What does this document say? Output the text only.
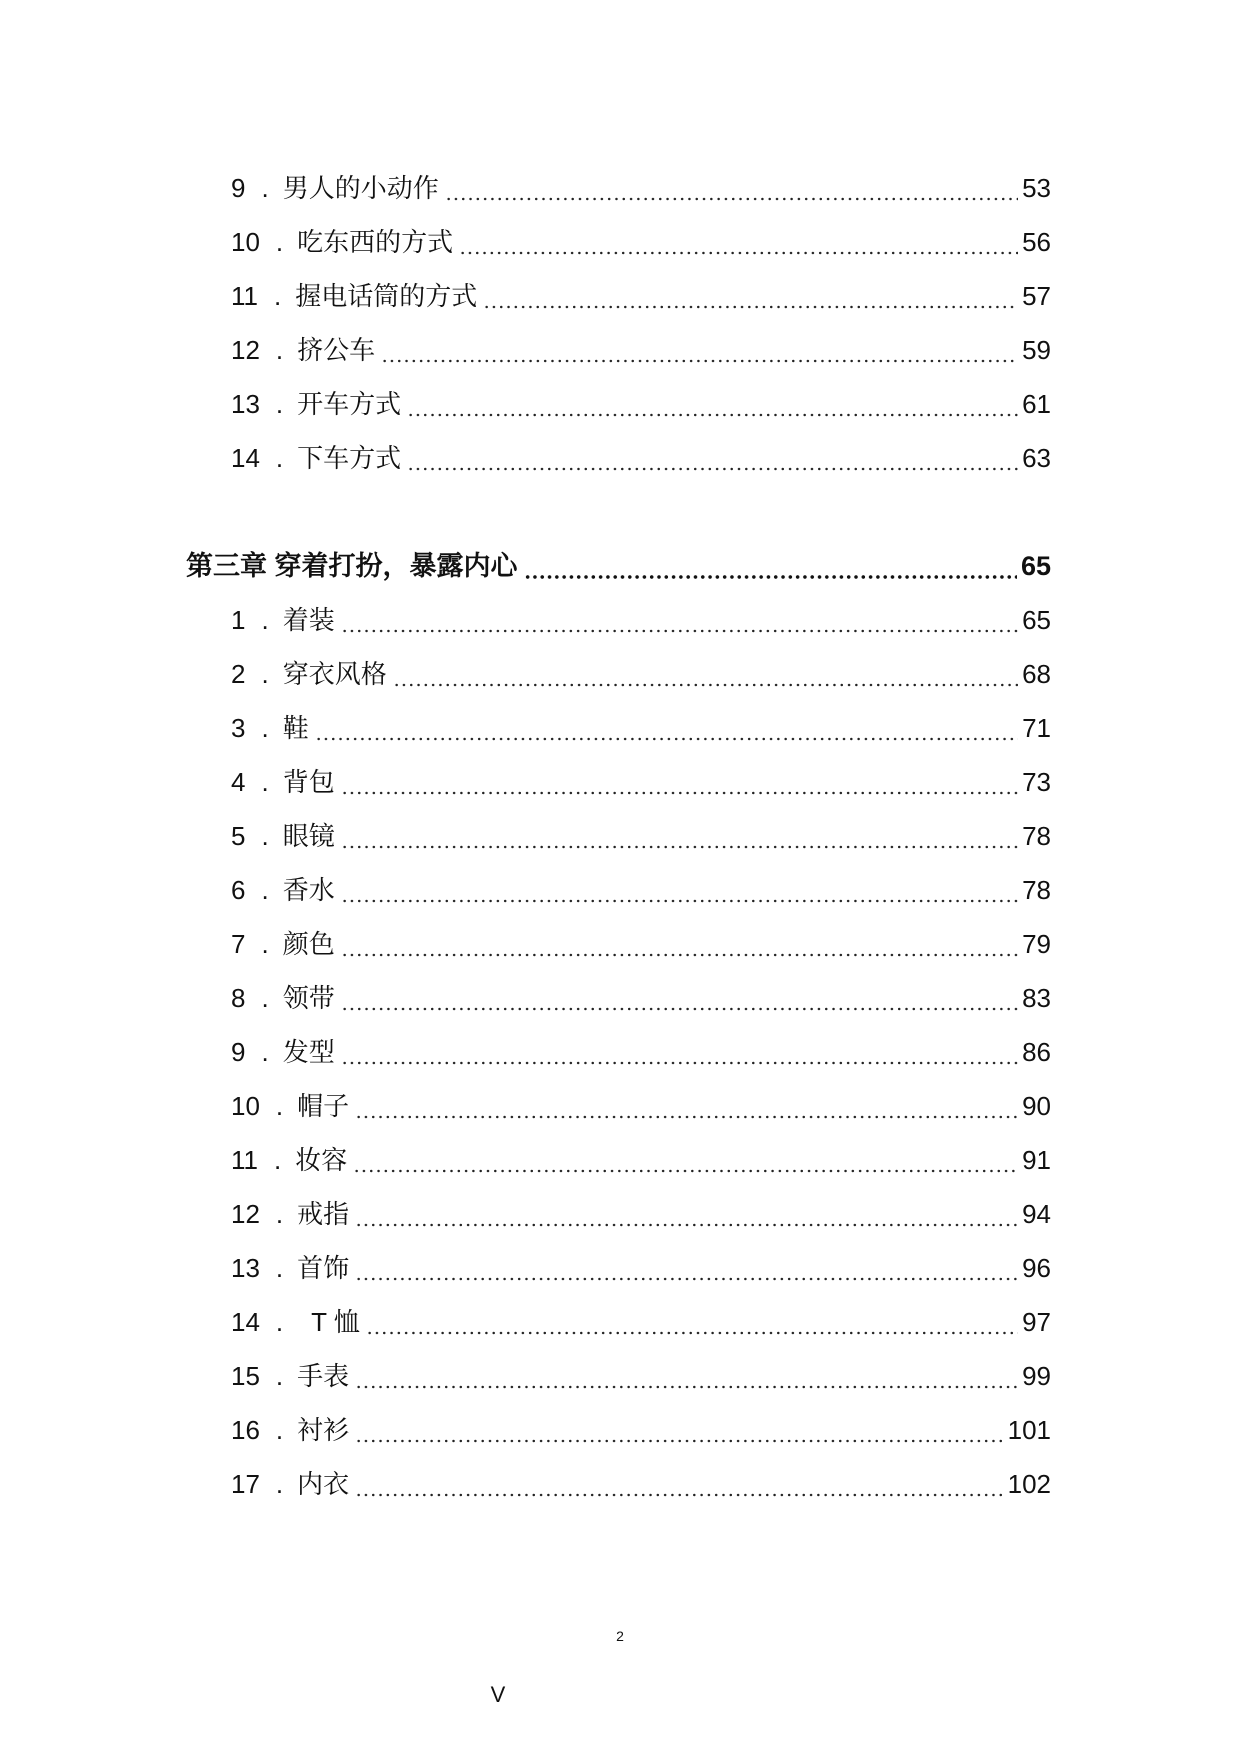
9 . 男人的小动作	53
10 . 吃东西的方式	56
11 . 握电话筒的方式	57
12 . 挤公车	59
13 . 开车方式	61
14 . 下车方式	63
第三章 穿着打扮，暴露内心	65
1 . 着装	65
2 . 穿衣风格	68
3 . 鞋	71
4 . 背包	73
5 . 眼镜	78
6 . 香水	78
7 . 颜色	79
8 . 领带	83
9 . 发型	86
10 . 帽子	90
11 . 妆容	91
12 . 戒指	94
13 . 首饰	96
14 . T 恤	97
15 . 手表	99
16 . 衬衫	101
17 . 内衣	102
2
V
